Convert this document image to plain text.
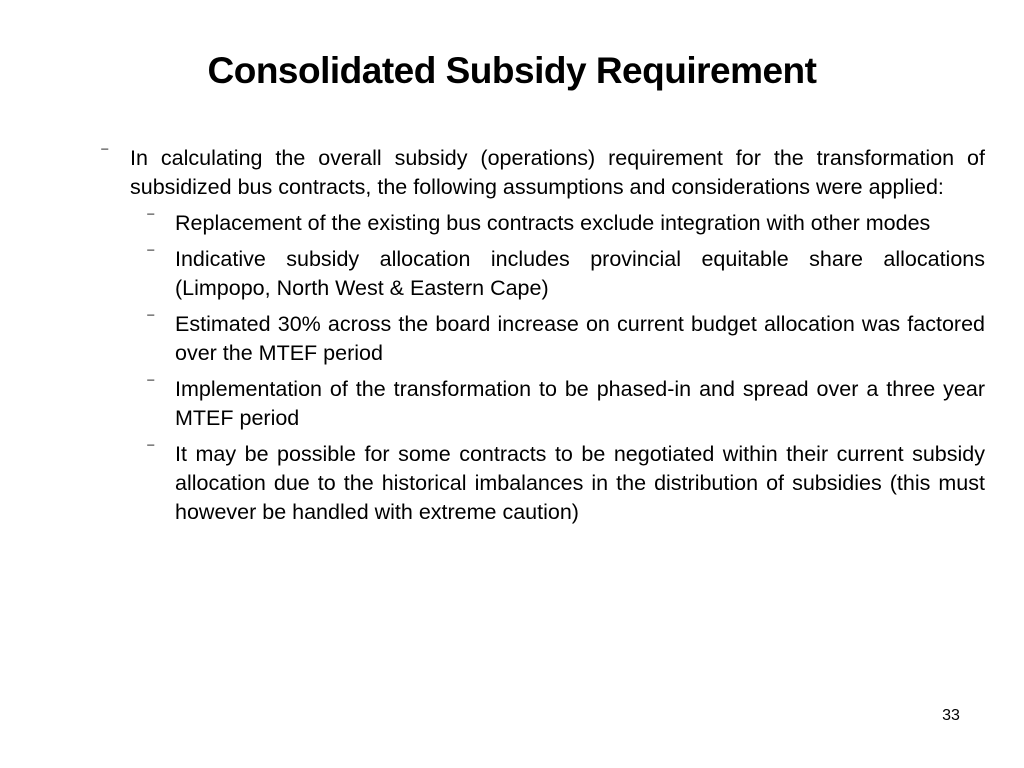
Consolidated Subsidy Requirement
⁻ In calculating the overall subsidy (operations) requirement for the transformation of subsidized bus contracts, the following assumptions and considerations were applied:
⁻ Replacement of the existing bus contracts exclude integration with other modes
⁻ Indicative subsidy allocation includes provincial equitable share allocations (Limpopo, North West & Eastern Cape)
⁻ Estimated 30% across the board increase on current budget allocation was factored over the MTEF period
⁻ Implementation of the transformation to be phased-in and spread over a three year MTEF period
⁻ It may be possible for some contracts to be negotiated within their current subsidy allocation due to the historical imbalances in the distribution of subsidies (this must however be handled with extreme caution)
33
